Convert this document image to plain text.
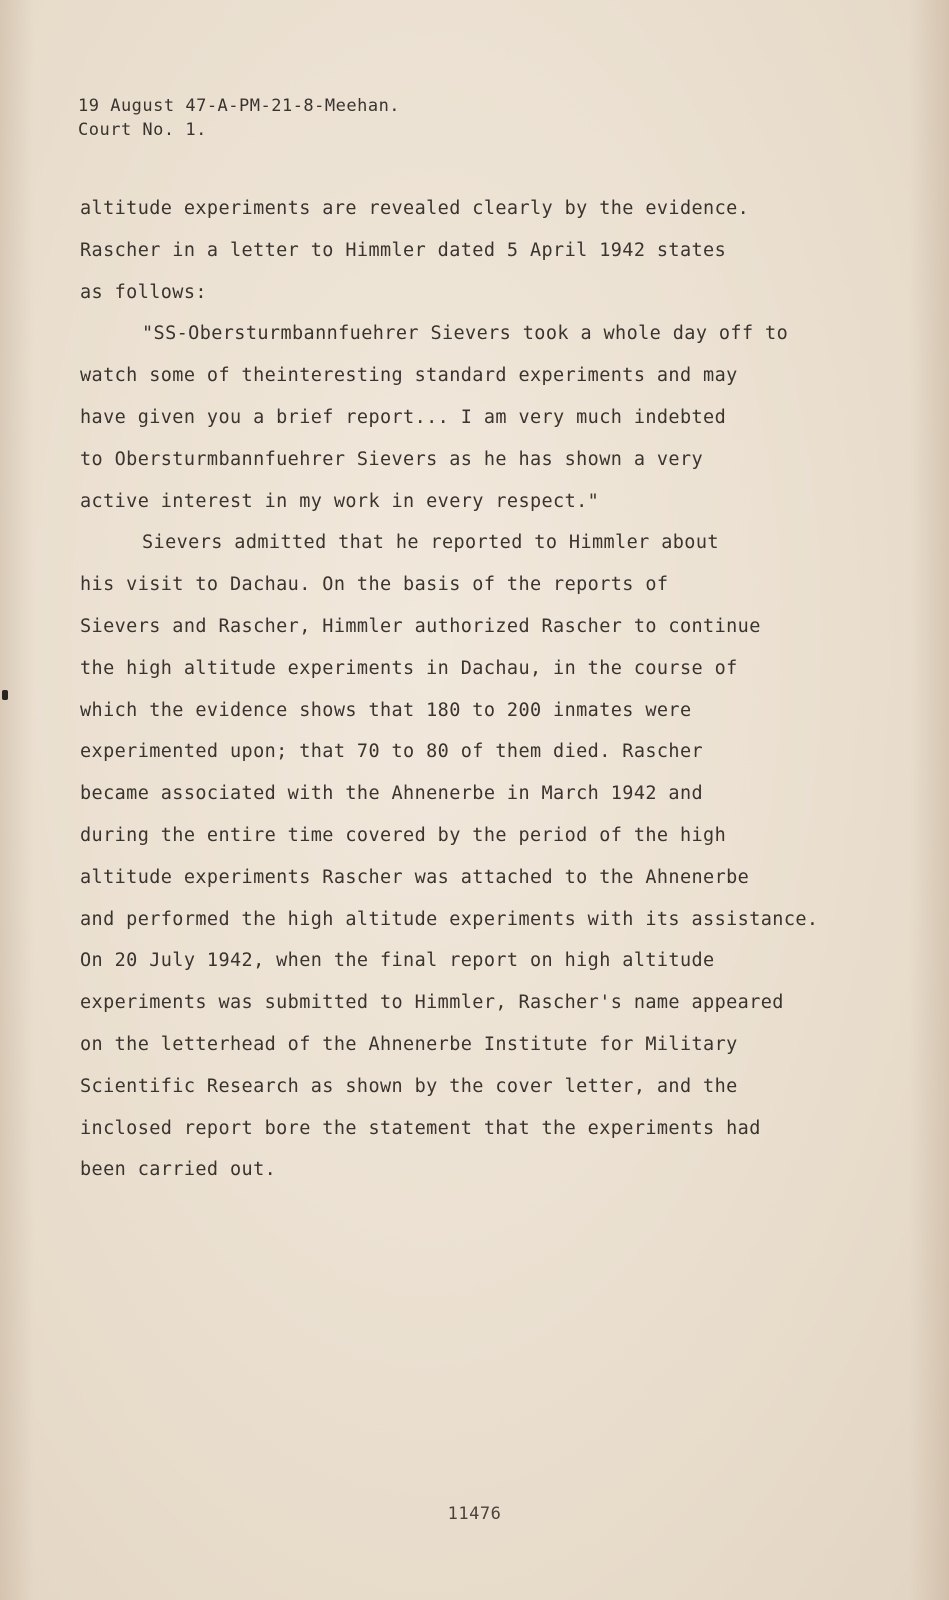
19 August 47-A-PM-21-8-Meehan.
Court No. 1.
altitude experiments are revealed clearly by the evidence.
Rascher in a letter to Himmler dated 5 April 1942 states
as follows:
"SS-Obersturmbannfuehrer Sievers took a whole day off to
watch some of theinteresting standard experiments and may
have given you a brief report... I am very much indebted
to Obersturmbannfuehrer Sievers as he has shown a very
active interest in my work in every respect."
Sievers admitted that he reported to Himmler about
his visit to Dachau. On the basis of the reports of
Sievers and Rascher, Himmler authorized Rascher to continue
the high altitude experiments in Dachau, in the course of
which the evidence shows that 180 to 200 inmates were
experimented upon; that 70 to 80 of them died. Rascher
became associated with the Ahnenerbe in March 1942 and
during the entire time covered by the period of the high
altitude experiments Rascher was attached to the Ahnenerbe
and performed the high altitude experiments with its assistance.
On 20 July 1942, when the final report on high altitude
experiments was submitted to Himmler, Rascher's name appeared
on the letterhead of the Ahnenerbe Institute for Military
Scientific Research as shown by the cover letter, and the
inclosed report bore the statement that the experiments had
been carried out.
11476
